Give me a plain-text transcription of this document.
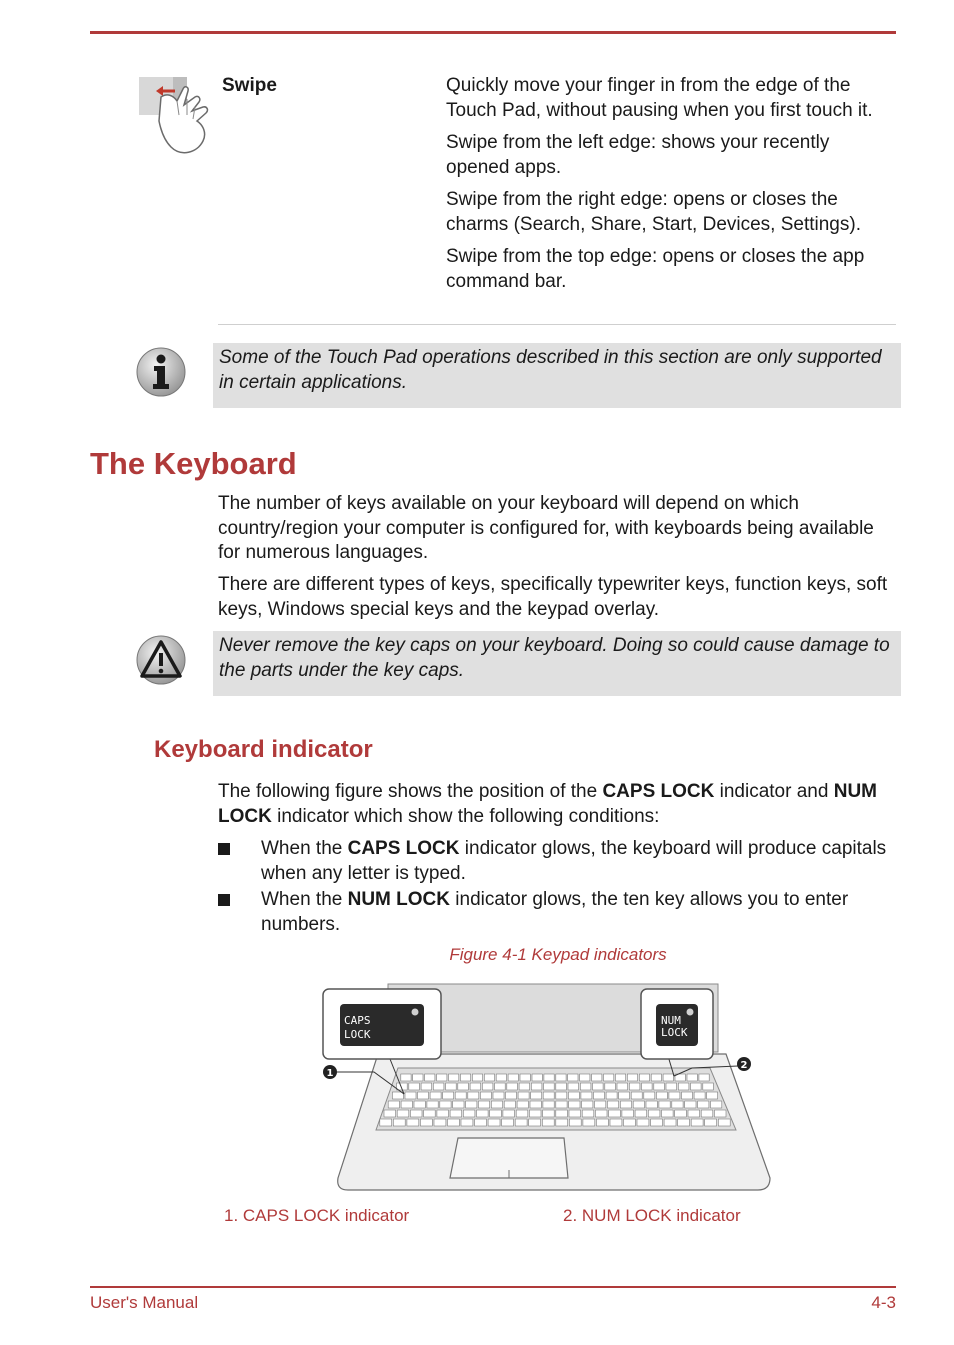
Swipe	Quickly move your finger in from the edge of the Touch Pad, without pausing when you first touch it.

Swipe from the left edge: shows your recently opened apps.

Swipe from the right edge: opens or closes the charms (Search, Share, Start, Devices, Settings).

Swipe from the top edge: opens or closes the app command bar.

Some of the Touch Pad operations described in this section are only supported in certain applications.
The Keyboard

The number of keys available on your keyboard will depend on which country/region your computer is configured for, with keyboards being available for numerous languages.

There are different types of keys, specifically typewriter keys, function keys, soft keys, Windows special keys and the keypad overlay.

Never remove the key caps on your keyboard. Doing so could cause damage to the parts under the key caps.
Keyboard indicator

The following figure shows the position of the CAPS LOCK indicator and NUM LOCK indicator which show the following conditions:

When the CAPS LOCK indicator glows, the keyboard will produce capitals when any letter is typed.
When the NUM LOCK indicator glows, the ten key allows you to enter numbers.
Figure 4-1 Keypad indicators
CAPS
LOCK
NUM
LOCK
1
2
1. CAPS LOCK indicator	2. NUM LOCK indicator
User's Manual	4-3
